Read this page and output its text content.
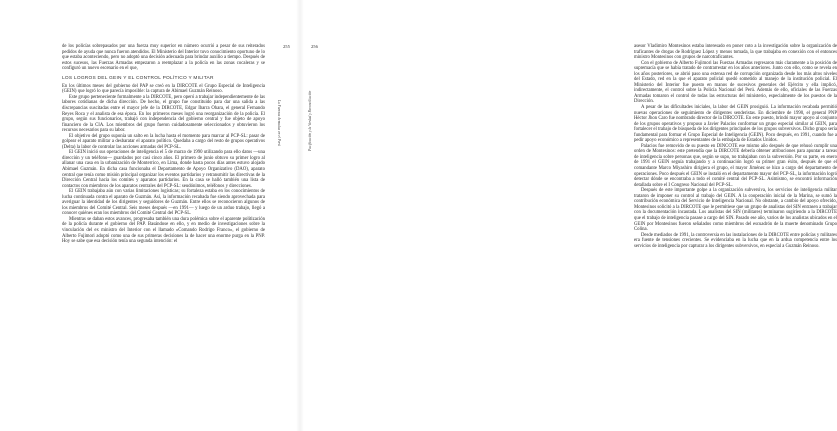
de los policías sobrepasados por una fuerza muy superior en número ocurrió a pesar de sus reiterados pedidos de ayuda que nunca fueron atendidos. El Ministerio del Interior tuvo conocimiento oportuno de lo que estaba aconteciendo, pero no adoptó una decisión adecuada para brindar auxilio a tiempo. Después de estos sucesos, las Fuerzas Armadas empezaron a reemplazar a la policía en las zonas cocaleras y se configuró un nuevo escenario en el que,

LOS LOGROS DEL GEIN Y EL CONTROL POLÍTICO Y MILITAR

En los últimos meses del gobierno del PAP se creó en la DIRCOTE el Grupo Especial de Inteligencia (GEIN) que logró lo que parecía imposible: la captura de Abimael Guzmán Reinoso.

Este grupo perteneciente formalmente a la DIRCOTE, pero operó a trabajar independientemente de las labores cotidianas de dicha dirección. De hecho, el grupo fue constituido para dar una salida a las discrepancias suscitadas entre el mayor jefe de la DIRCOTE, Edgar Ibarra Ohara, el general Fernando Reyes Roca y el analista de esa época. En los primeros meses logró una reorganización de la policía. El grupo, según sus funcionarios, trabajó con independencia del gobierno central y fue objeto de apoyo financiero de la CIA. Los miembros del grupo fueron cuidadosamente seleccionados y obtuvieron los recursos necesarios para su labor.

El objetivo del grupo suponía un salto en la lucha hasta el momento para marcar al PCP-SL: pasar de golpear el aparato militar a desbaratar el aparato político. Quedaba a cargo del resto de grupos operativos (Delta) la labor de controlar las acciones armadas del PCP-SL.

El GEIN inició sus operaciones de inteligencia el 5 de marzo de 1990 utilizando para ello datos —una dirección y un teléfono— guardados por casi cinco años. El primero de junio obtuvo su primer logro al allanar una casa en la urbanización de Monterrico, en Lima, donde hasta pocos días antes estuvo alojado Abimael Guzmán. En dicha casa funcionaba el Departamento de Apoyo Organizativo (DAO), aparato central que tenía como misión principal organizar los eventos partidarios y retransmitir las directivas de la Dirección Central hacia los comités y aparatos partidarios. En la casa se halló también una lista de contactos con miembros de los aparatos centrales del PCP-SL: seudónimos, teléfonos y direcciones.

El GEIN trabajaba aún con varias limitaciones logísticas; su fortaleza estaba en los conocimientos de lucha continuada contra el aparato de Guzmán. Así, la información recabada fue siendo aprovechada para averiguar la identidad de los dirigentes y seguidores de Guzmán. Entre ellos se reconocieron algunos de los miembros del Comité Central. Seis meses después —en 1991— y luego de un arduo trabajo, llegó a conocer quiénes eran los miembros del Comité Central del PCP-SL.

Mientras se daban estos avances, progresaba también una dura polémica sobre el aparente politización de la policía durante el gobierno del PAP. Basándose en ello, y en medio de investigaciones sobre la vinculación del ex ministro del Interior con el llamado «Comando Rodrigo Franco», el gobierno de Alberto Fujimori adoptó como una de sus primeras decisiones la de hacer una enorme purga en la PNP. Hoy se sabe que esa decisión tenía una segunda intención: el

255
La Fuerzas Armadas en el Perú
256
Pacificación y la Verdad y Reconciliación

asesor Vladimiro Montesinos estaba interesado en poner coto a la investigación sobre la organización de traficantes de drogas de Rodríguez López y menos tomada, la que trabajaba en conexión con el entonces ministro Montesinos con grupos de narcotraficantes.

Con el gobierno de Alberto Fujimori las Fuerzas Armadas regresaron más claramente a la posición de supremacía que se había tratado de contrarrestar en los años anteriores. Junto con ello, como se revela en los años posteriores, se abrió paso una extensa red de corrupción organizada desde los más altos niveles del Estado, red en la que el aparato policial quedó sometido al manejo de la institución policial. El Ministerio del Interior fue puesto en manos de sucesivos generales del Ejército y ella implicó, indirectamente, el control sobre la Policía Nacional del Perú. Además de ello, oficiales de las Fuerzas Armadas tomaron el control de todas las estructuras del ministerio, especialmente de los puestos de la Dirección.

A pesar de las dificultades iniciales, la labor del GEIN prosiguió. La información recabada permitió nuevas operaciones de seguimiento de dirigentes senderistas. En diciembre de 1990, el general PNP Héctor Jhon Caro fue nombrado director de la DIRCOTE. En este puesto, brindó mayor apoyo al conjunto de los grupos operativos y propuso a Javier Palacios conformar un grupo especial similar al GEIN, para fortalecer el trabajo de búsqueda de los dirigentes principales de los grupos subversivos. Dicho grupo sería fundamental para formar el Grupo Especial de Inteligencia (GEIN). Poco después, en 1991, cuando fue a pedir apoyo económico a representantes de la embajada de Estados Unidos.

Palacios fue removido de su puesto en DINCOTE ese mismo año después de que rehusó cumplir una orden de Montesinos: este pretendía que la DIRCOTE debería obtener atribuciones para apuntar a tareas de inteligencia sobre personas que, según se supo, no trabajaban con la subversión. Por su parte, en enero de 1991 el GEIN seguía trabajando y a continuación logró su primer gran éxito, después de que el comandante Marco Miyashiro dirigiera el grupo, el mayor Jiménez se hizo a cargo del departamento de operaciones. Poco después el GEIN se instaló en el departamento mayor del PCP-SL, la información logró detectar dónde se encontraba a todo el comité central del PCP-SL. Asimismo, se encontró información detallada sobre el I Congreso Nacional del PCP-SL.

Después de este importante golpe a la organización subversiva, los servicios de inteligencia militar trataron de imponer su control al trabajo del GEIN. A la cooperación inicial de la Marina, se sumó la contribución económica del Servicio de Inteligencia Nacional. No obstante, a cambio del apoyo ofrecido, Montesinos solicitó a la DIRCOTE que le permitiese que un grupo de analistas del SIN entrasen a trabajar con la documentación incautada. Los analistas del SIN (militares) terminaron sugiriendo a la DIRCOTE que el trabajo de inteligencia pasase a cargo del SIN. Pasado ese año, varios de los analistas ubicados en el GEIN por Montesinos fueron señalados como miembros del escuadrón de la muerte denominado Grupo Colina.

Desde mediados de 1991, la controversia en las instalaciones de la DIRCOTE entre policías y militares era fuente de tensiones crecientes. Se evidenciaba en la lucha que en la ardua competencia entre los servicios de inteligencia por capturar a los dirigentes subversivos, en especial a Guzmán Reinoso.
